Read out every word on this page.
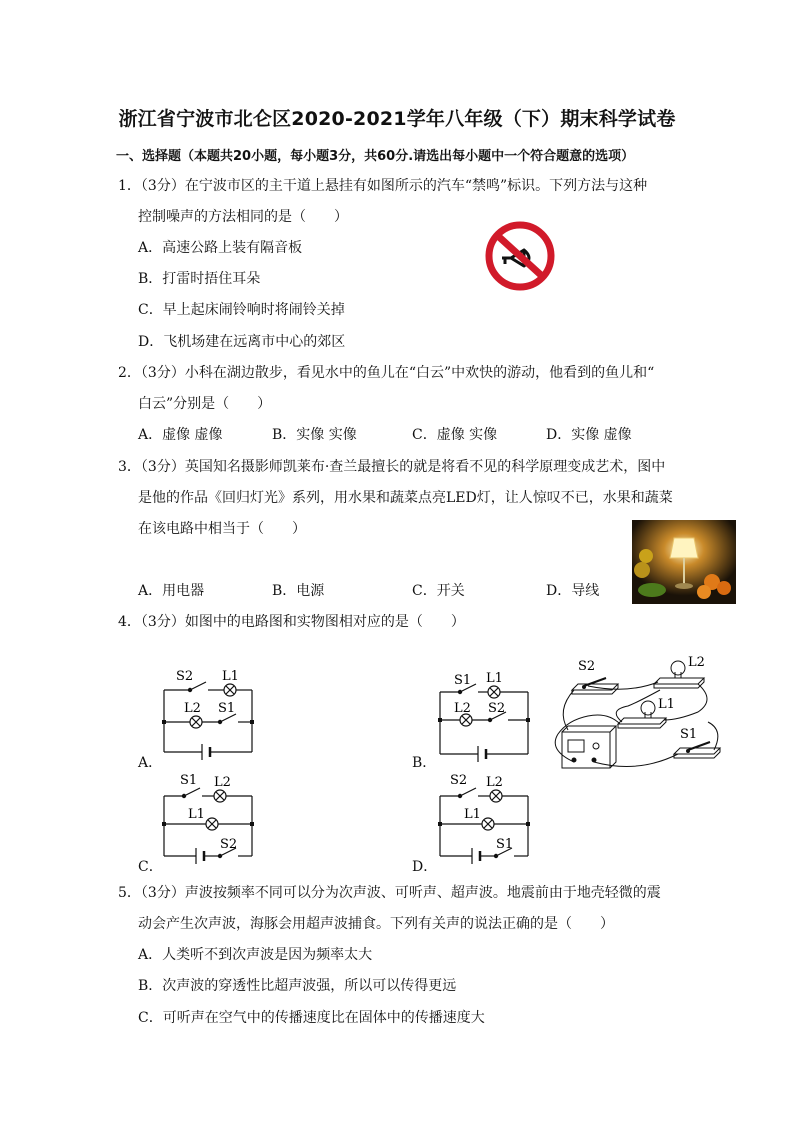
浙江省宁波市北仑区2020-2021学年八年级（下）期末科学试卷
一、选择题（本题共20小题，每小题3分，共60分.请选出每小题中一个符合题意的选项）
1．（3分）在宁波市区的主干道上悬挂有如图所示的汽车“禁鸣”标识。下列方法与这种
控制噪声的方法相同的是（　　）
A．高速公路上装有隔音板
B．打雷时捂住耳朵
C．早上起床闹铃响时将闹铃关掉
D．飞机场建在远离市中心的郊区
2．（3分）小科在湖边散步，看见水中的鱼儿在“白云”中欢快的游动，他看到的鱼儿和“
白云”分别是（　　）
A．虚像 虚像	B．实像 实像	C．虚像 实像	D．实像 虚像
3．（3分）英国知名摄影师凯莱布·查兰最擅长的就是将看不见的科学原理变成艺术，图中
是他的作品《回归灯光》系列，用水果和蔬菜点亮LED灯，让人惊叹不已，水果和蔬菜
在该电路中相当于（　　）
A．用电器	B．电源	C．开关	D．导线
4．（3分）如图中的电路图和实物图相对应的是（　　）
A．	B．
C．	D．
S2 L1
L2 S1
S1 L1
L2 S2
S2	L2
L1
S1
S1 L2
L1
S2
S2 L2
L1
S1
5．（3分）声波按频率不同可以分为次声波、可听声、超声波。地震前由于地壳轻微的震
动会产生次声波，海豚会用超声波捕食。下列有关声的说法正确的是（　　）
A．人类听不到次声波是因为频率太大
B．次声波的穿透性比超声波强，所以可以传得更远
C．可听声在空气中的传播速度比在固体中的传播速度大
